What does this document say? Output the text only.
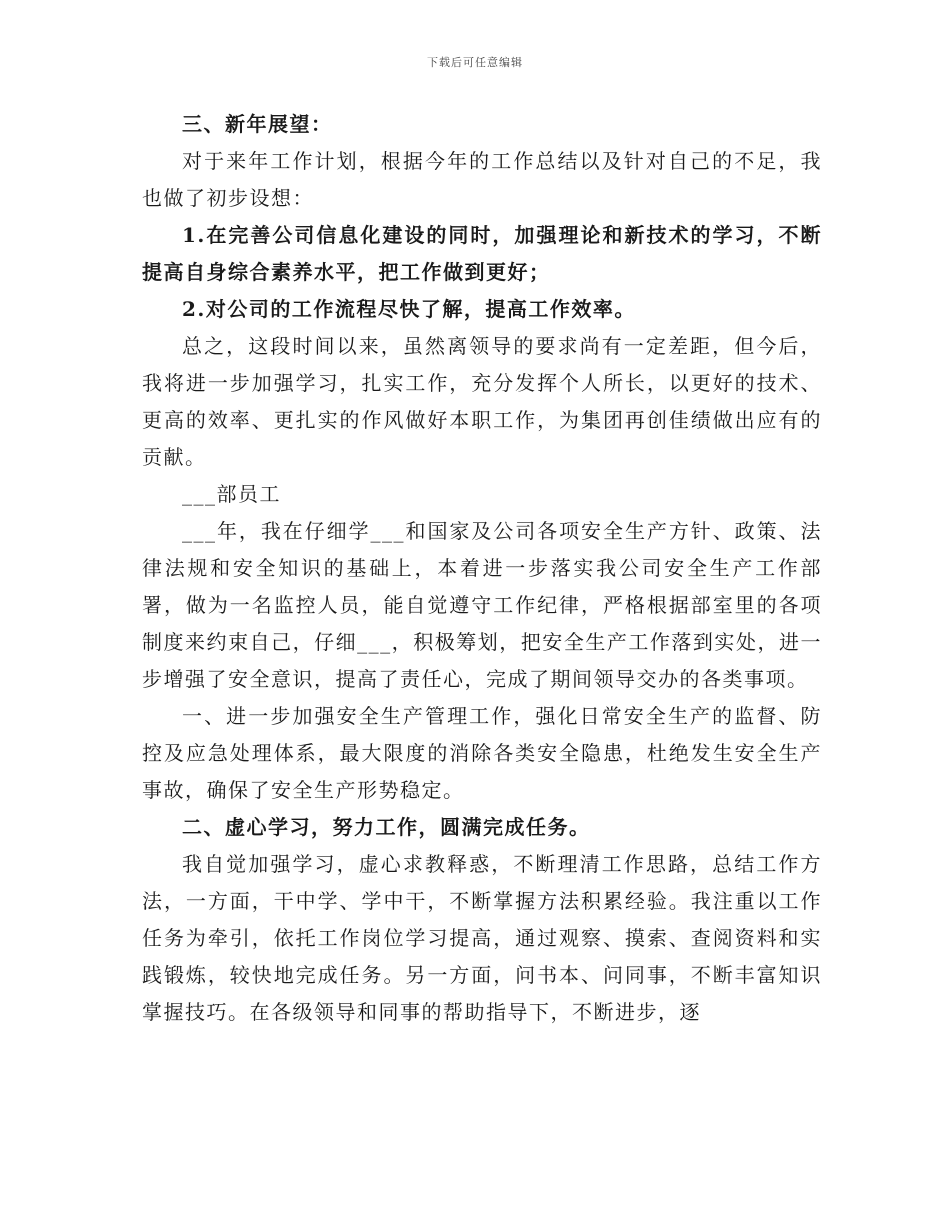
下载后可任意编辑

三、新年展望：

对于来年工作计划，根据今年的工作总结以及针对自己的不足，我也做了初步设想：

1.在完善公司信息化建设的同时，加强理论和新技术的学习，不断提高自身综合素养水平，把工作做到更好；

2.对公司的工作流程尽快了解，提高工作效率。

总之，这段时间以来，虽然离领导的要求尚有一定差距，但今后，我将进一步加强学习，扎实工作，充分发挥个人所长，以更好的技术、更高的效率、更扎实的作风做好本职工作，为集团再创佳绩做出应有的贡献。

___部员工

___年，我在仔细学___和国家及公司各项安全生产方针、政策、法律法规和安全知识的基础上，本着进一步落实我公司安全生产工作部署，做为一名监控人员，能自觉遵守工作纪律，严格根据部室里的各项制度来约束自己，仔细___，积极筹划，把安全生产工作落到实处，进一步增强了安全意识，提高了责任心，完成了期间领导交办的各类事项。

一、进一步加强安全生产管理工作，强化日常安全生产的监督、防控及应急处理体系，最大限度的消除各类安全隐患，杜绝发生安全生产事故，确保了安全生产形势稳定。

二、虚心学习，努力工作，圆满完成任务。

我自觉加强学习，虚心求教释惑，不断理清工作思路，总结工作方法，一方面，干中学、学中干，不断掌握方法积累经验。我注重以工作任务为牵引，依托工作岗位学习提高，通过观察、摸索、查阅资料和实践锻炼，较快地完成任务。另一方面，问书本、问同事，不断丰富知识掌握技巧。在各级领导和同事的帮助指导下，不断进步，逐
